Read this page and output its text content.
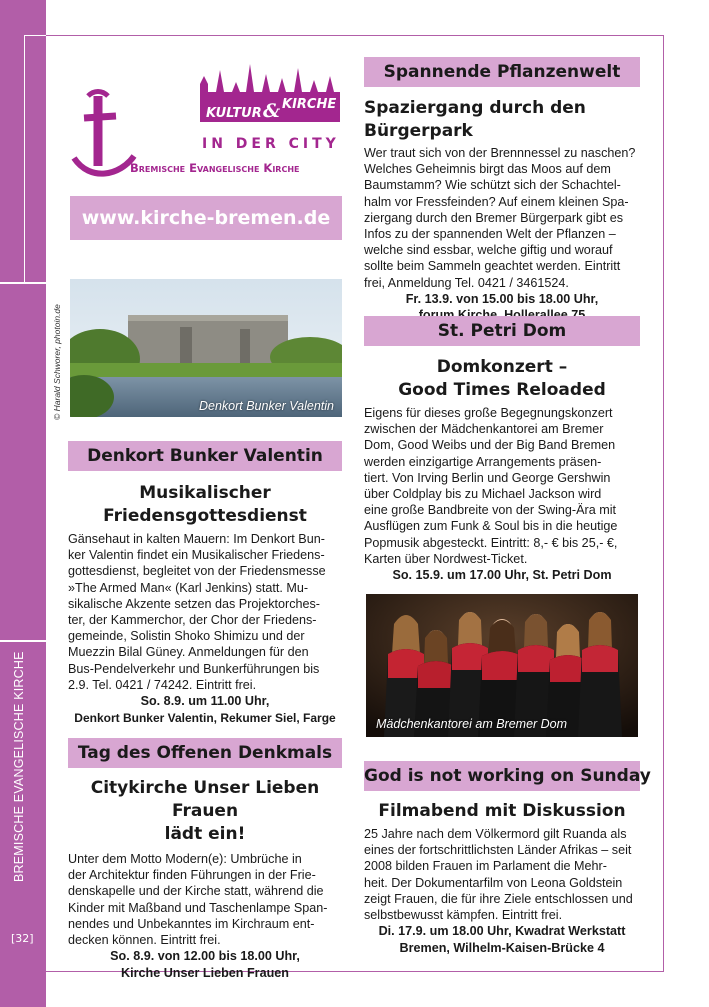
BREMISCHE EVANGELISCHE KIRCHE
[32]
KULTUR & KIRCHE
IN DER CITY
Bremische Evangelische Kirche
www.kirche-bremen.de
© Harald Schworer, photoin.de	Denkort Bunker Valentin
Denkort Bunker Valentin
Musikalischer
Friedensgottesdienst
Gänsehaut in kalten Mauern: Im Denkort Bun-
ker Valentin findet ein Musikalischer Friedens-
gottesdienst, begleitet von der Friedensmesse
»The Armed Man« (Karl Jenkins) statt. Mu-
sikalische Akzente setzen das Projektorches-
ter, der Kammerchor, der Chor der Friedens-
gemeinde, Solistin Shoko Shimizu und der
Muezzin Bilal Güney. Anmeldungen für den
Bus-Pendelverkehr und Bunkerführungen bis
2.9. Tel. 0421 / 74242. Eintritt frei.
So. 8.9. um 11.00 Uhr,
Denkort Bunker Valentin, Rekumer Siel, Farge
Tag des Offenen Denkmals
Citykirche Unser Lieben Frauen
lädt ein!
Unter dem Motto Modern(e): Umbrüche in
der Architektur finden Führungen in der Frie-
denskapelle und der Kirche statt, während die
Kinder mit Maßband und Taschenlampe Span-
nendes und Unbekanntes im Kirchraum ent-
decken können. Eintritt frei.
So. 8.9. von 12.00 bis 18.00 Uhr,
Kirche Unser Lieben Frauen
Spannende Pflanzenwelt
Spaziergang durch den Bürgerpark
Wer traut sich von der Brennnessel zu naschen?
Welches Geheimnis birgt das Moos auf dem
Baumstamm? Wie schützt sich der Schachtel-
halm vor Fressfeinden? Auf einem kleinen Spa-
ziergang durch den Bremer Bürgerpark gibt es
Infos zu der spannenden Welt der Pflanzen –
welche sind essbar, welche giftig und worauf
sollte beim Sammeln geachtet werden. Eintritt
frei, Anmeldung Tel. 0421 / 3461524.
Fr. 13.9. von 15.00 bis 18.00 Uhr,
St. Petri Dom
Domkonzert –
Good Times Reloaded
Eigens für dieses große Begegnungskonzert
zwischen der Mädchenkantorei am Bremer
Dom, Good Weibs und der Big Band Bremen
werden einzigartige Arrangements präsen-
tiert. Von Irving Berlin und George Gershwin
über Coldplay bis zu Michael Jackson wird
eine große Bandbreite von der Swing-Ära mit
Ausflügen zum Funk & Soul bis in die heutige
Popmusik abgesteckt. Eintritt: 8,- € bis 25,- €,
Karten über Nordwest-Ticket.
So. 15.9. um 17.00 Uhr, St. Petri Dom
Mädchenkantorei am Bremer Dom
God is not working on Sunday
Filmabend mit Diskussion
25 Jahre nach dem Völkermord gilt Ruanda als
eines der fortschrittlichsten Länder Afrikas – seit
2008 bilden Frauen im Parlament die Mehr-
heit. Der Dokumentarfilm von Leona Goldstein
zeigt Frauen, die für ihre Ziele entschlossen und
selbstbewusst kämpfen. Eintritt frei.
Di. 17.9. um 18.00 Uhr, Kwadrat Werkstatt
Bremen, Wilhelm-Kaisen-Brücke 4
